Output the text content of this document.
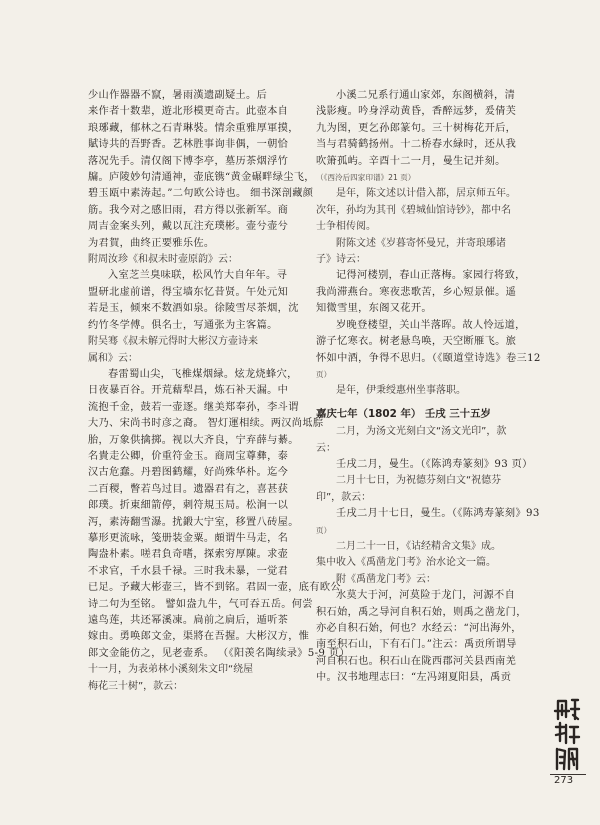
少山作器器不竄，暑雨漢遗副疑土。后
来作者十数辈，遊北形模更奇古。此壺本自
琅琊藏，郁林之石青琳裝。情余重雅厚軍摸，
賦诗共的吾野香。艺林胜事询非偶，一朝恰
落况先手。清仅阁下博李亭，墓历茶烟浮竹
牖。庐陵妙句清通神，壶底镌“黄金碾畔绿尘飞，
碧玉瓯中素涛起。”二句欧公诗也。 细书深剖藏颜
筋。我今对之感旧雨，君方得以张新军。商
周吉金案头列，戴以瓦注充璞彬。壶兮壶兮
为君賀，曲终正要雅乐佐。
附周汝珍《和叔未时壶原韵》云：
入室芝兰臭味联，松风竹大自年年。寻
盟研北虚前谱，得宝墙东忆昔贤。午处元知
若是玉，倾來不数酒如泉。徐陵雪尽茶烟，沈
约竹冬学傅。俱名士，写通张为主客篇。
附吴骞《叔未解元得时大彬汉方壶诗来
属和》云：
春雷蜀山尖，飞椎煤烟緑。炫龙烧蜂穴，
日夜暴百谷。开荒藉犁昌，炼石补天漏。中
流抱千金，鼓若一壶逐。继美郑奉孙，李斗谓
大乃、宋尚书时彦之裔。 智灯運相续。两汉尚坻腙
胎，万象供擒掷。视以大齐良，宁弃薛与綦。
名貴走公卿，价重符金玉。商周宝尊彝，泰
汉古危蠢。丹碧图鹤耀，好尚殊华朴。迄今
二百稷，瞥若鸟过目。遗器君有之，喜甚获
郎璞。折東細箭停，刺符規玉局。松涧一以
泻，素涛翻雪瀑。扰鍛大宁室，移置八砖屋。
摹形更流咏，笺册装金粟。頗谓牛马走，名
陶盎朴素。嗟君負奇嗜，探索穷厚陳。求壶
不求官，千水县千禄。三时我未暴，一觉君
已足。予藏大彬壶三，皆不到铭。君固一壶，底有欧公
诗二句为至铭。 譬如盎九牛，气可吞五岳。何尝
遠鸟莲，共还幂溪凍。扃前之扃后，遁听茶
嫁由。勇唤郎文金，渠將在吾握。大彬汉方，惟
郎文金能仿之，见老壶系。 （《阳羡名陶续录》5-9 页）
十一月，为表弟林小溪刻朱文印“绕屋
梅花三十树”，款云：
小溪二兄系行通山家郊，东阁横斜，清
浅影瘦。吟身浮动黄昏，香醉远梦，爰倩芙
九为图，更乞孙郎篆句。三十树梅花开后，
当与君骑鹤扬州。十二桥春水緑时，还从我
吹箫孤屿。辛酉十二一月，曼生记并刻。
（《西泠后四家印谱》21 页）
是年，陈文述以计借入都，居京师五年。
次年，孙均为其刊《碧城仙馆诗钞》，都中名
士争相传阅。
附陈文述《岁暮寄怀曼兄，并寄琅琊诸
子》诗云：
记得河楼别，春山正落梅。家园行将致，
我尚滞燕台。寒夜悲歌苦，乡心短景催。遥
知微雪里，东阁又花开。
岁晚登楼望，关山半落晖。故人怜远道，
游子忆寒衣。树老悬鸟唤，天空断雁飞。旅
怀如中酒，争得不思归。（《颐道堂诗选》卷三12
页）
是年，伊秉绶惠州坐事落职。
嘉庆七年（1802 年） 壬戌 三十五岁
二月，为汤文光刻白文“汤文光印”，款
云：
壬戌二月，曼生。（《陈鸿寿篆刻》93 页）
二月十七日，为祝德芬刻白文“祝德芬
印”，款云：
壬戌二月十七日，曼生。（《陈鸿寿篆刻》93
页）
二月二十一日，《诂经精舍文集》成。
集中收入《禹凿龙门考》治水论文一篇。
附《禹凿龙门考》云：
水莫大于河，河莫险于龙门，河源不自
积石始，禹之导河自积石始，则禹之凿龙门，
亦必自积石始，何也？水经云：“河出海外，
南至积石山，下有石门。”注云：禹贡所谓导
河自积石也。积石山在陇西郡河关县西南羌
中。汉书地理志曰：“左冯翊夏阳县，禹贡
陳鴻壽年譜
273
